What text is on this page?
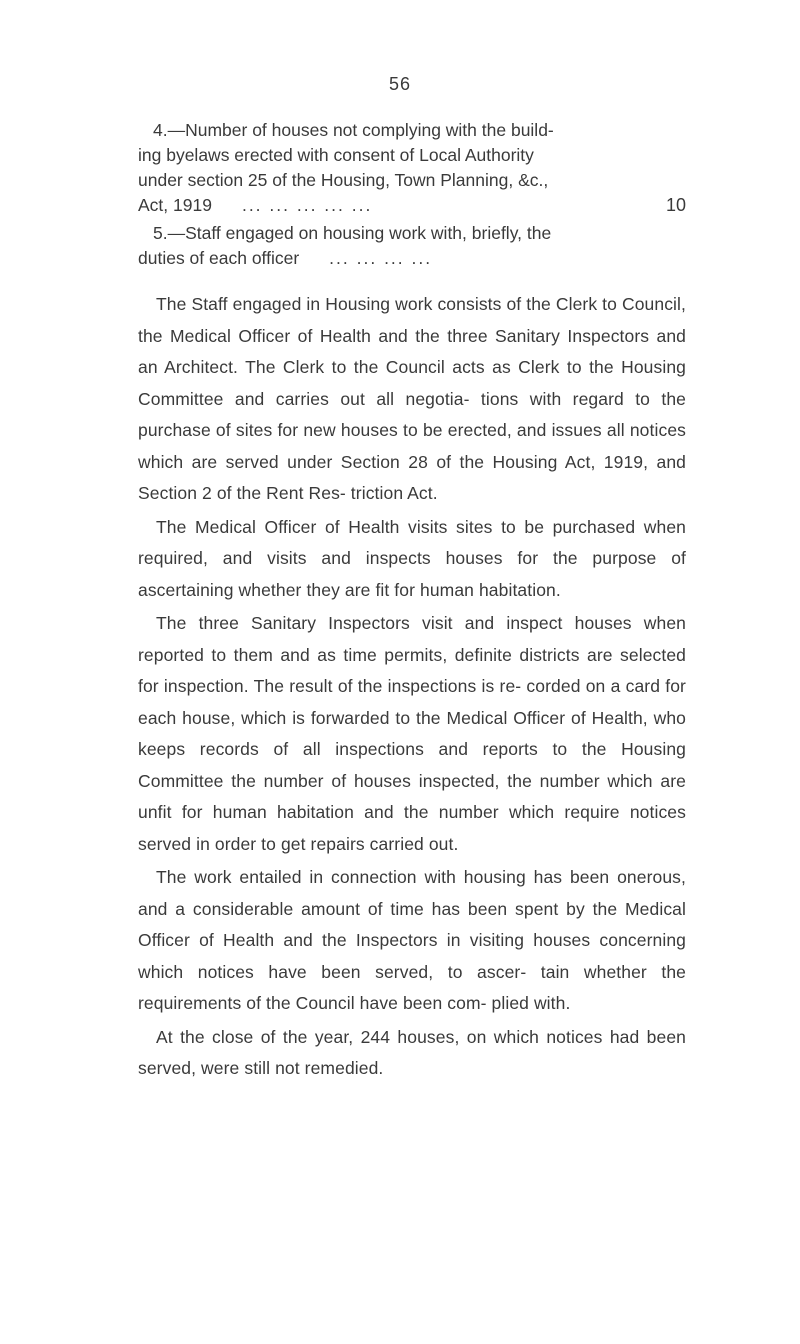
56
4.—Number of houses not complying with the build-
ing byelaws erected with consent of Local Authority
under section 25 of the Housing, Town Planning, &c.,
Act, 1919	... ... ... ... ...	10
5.—Staff engaged on housing work with, briefly, the
duties of each officer	... ... ... ...

The Staff engaged in Housing work consists of the Clerk to Council, the Medical Officer of Health and the three Sanitary Inspectors and an Architect. The Clerk to the Council acts as Clerk to the Housing Committee and carries out all negotia- tions with regard to the purchase of sites for new houses to be erected, and issues all notices which are served under Section 28 of the Housing Act, 1919, and Section 2 of the Rent Res- triction Act.

The Medical Officer of Health visits sites to be purchased when required, and visits and inspects houses for the purpose of ascertaining whether they are fit for human habitation.

The three Sanitary Inspectors visit and inspect houses when reported to them and as time permits, definite districts are selected for inspection. The result of the inspections is re- corded on a card for each house, which is forwarded to the Medical Officer of Health, who keeps records of all inspections and reports to the Housing Committee the number of houses inspected, the number which are unfit for human habitation and the number which require notices served in order to get repairs carried out.

The work entailed in connection with housing has been onerous, and a considerable amount of time has been spent by the Medical Officer of Health and the Inspectors in visiting houses concerning which notices have been served, to ascer- tain whether the requirements of the Council have been com- plied with.

At the close of the year, 244 houses, on which notices had been served, were still not remedied.
